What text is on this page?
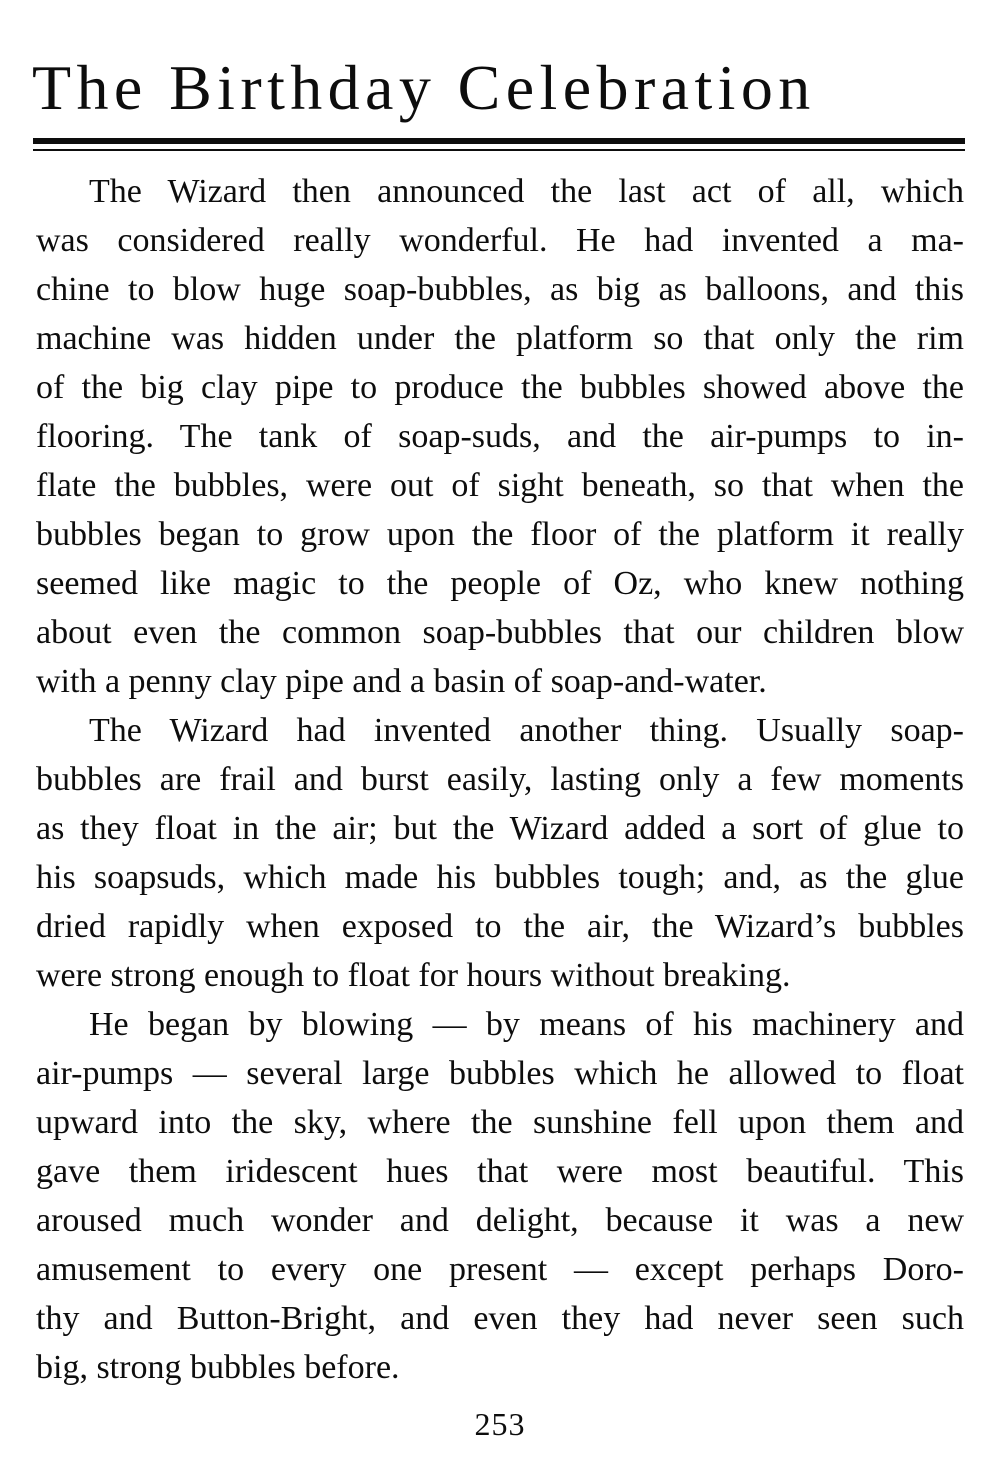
The Birthday Celebration
The Wizard then announced the last act of all, which
was considered really wonderful. He had invented a ma-
chine to blow huge soap-bubbles, as big as balloons, and this
machine was hidden under the platform so that only the rim
of the big clay pipe to produce the bubbles showed above the
flooring. The tank of soap-suds, and the air-pumps to in-
flate the bubbles, were out of sight beneath, so that when the
bubbles began to grow upon the floor of the platform it really
seemed like magic to the people of Oz, who knew nothing
about even the common soap-bubbles that our children blow
with a penny clay pipe and a basin of soap-and-water.
The Wizard had invented another thing. Usually soap-
bubbles are frail and burst easily, lasting only a few moments
as they float in the air; but the Wizard added a sort of glue to
his soapsuds, which made his bubbles tough; and, as the glue
dried rapidly when exposed to the air, the Wizard’s bubbles
were strong enough to float for hours without breaking.
He began by blowing — by means of his machinery and
air-pumps — several large bubbles which he allowed to float
upward into the sky, where the sunshine fell upon them and
gave them iridescent hues that were most beautiful. This
aroused much wonder and delight, because it was a new
amusement to every one present — except perhaps Doro-
thy and Button-Bright, and even they had never seen such
big, strong bubbles before.
253
